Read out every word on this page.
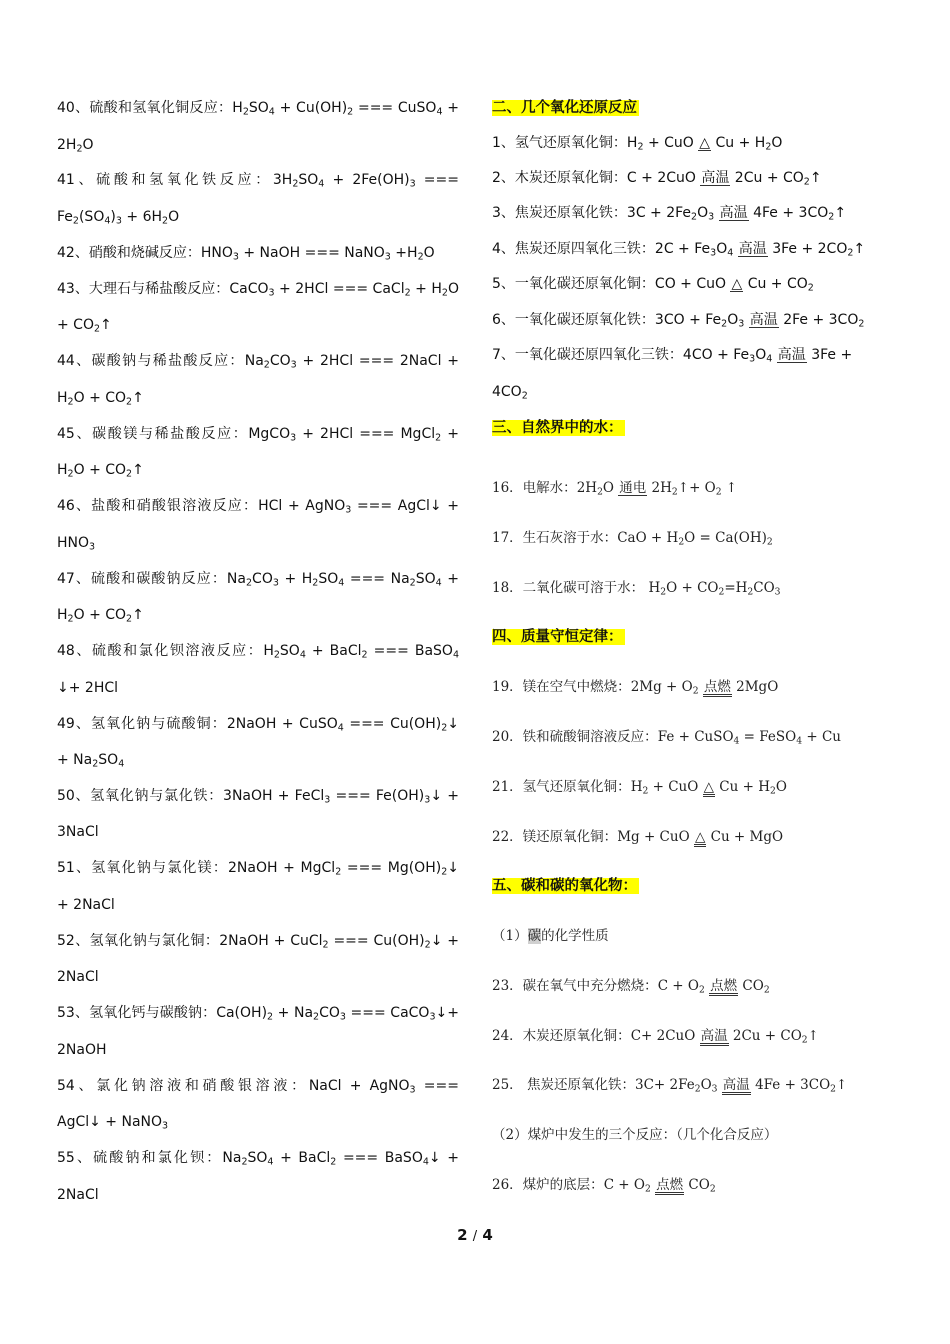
40、硫酸和氢氧化铜反应：$H_2SO_4 + Cu(OH)_2$ === CuSO$_4$ +
$2H_2O$
41、硫酸和氢氧化铁反应：$3H_2SO_4 + 2Fe(OH)_3$ ===
$Fe_2(SO_4)_3 + 6H_2O$
42、硝酸和烧碱反应：$HNO_3$ + NaOH === NaNO$_3$ $+H_2O$
43、大理石与稀盐酸反应：CaCO$_3$ + 2HCl === CaCl$_2$ + $H_2O$
+ $CO_2↑$
44、碳酸钠与稀盐酸反应：$Na_2CO_3 + 2HCl$ === 2NaCl +
$H_2O$ + $CO_2↑$
45、碳酸镁与稀盐酸反应：MgCO$_3$ + 2HCl === MgCl$_2$ +
$H_2O$ + $CO_2↑$
46、盐酸和硝酸银溶液反应：HCl + AgNO$_3$ === AgCl↓ +
$HNO_3$
47、硫酸和碳酸钠反应：$Na_2CO_3 + H_2SO_4$ === $Na_2SO_4$ +
$H_2O$ + $CO_2↑$
48、硫酸和氯化钡溶液反应：$H_2SO_4$ + BaCl$_2$ === BaSO$_4$
↓+ 2HCl
49、氢氧化钠与硫酸铜：2NaOH + CuSO$_4$ === $Cu(OH)_2↓$
+ $Na_2SO_4$
50、氢氧化钠与氯化铁：3NaOH + FeCl$_3$ === $Fe(OH)_3↓$ +
3NaCl
51、氢氧化钠与氯化镁：2NaOH + MgCl$_2$ === $Mg(OH)_2↓$
+ 2NaCl
52、氢氧化钠与氯化铜：2NaOH + CuCl$_2$ === $Cu(OH)_2↓$ +
2NaCl
53、氢氧化钙与碳酸钠：$Ca(OH)_2 + Na_2CO_3$ === CaCO$_3$↓+
2NaOH
54、氯化钠溶液和硝酸银溶液：NaCl + AgNO$_3$ ===
AgCl↓ + NaNO$_3$
55、硫酸钠和氯化钡：$Na_2SO_4$ + BaCl$_2$ === BaSO$_4$↓ +
2NaCl
二、几个氧化还原反应
1、氢气还原氧化铜：$H_2$ + CuO △ $Cu + H_2O$
2、木炭还原氧化铜：C + 2CuO 高温 $2Cu + CO_2↑$
3、焦炭还原氧化铁：$3C + 2Fe_2O_3$ 高温 $4Fe + 3CO_2↑$
4、焦炭还原四氧化三铁：$2C + Fe_3O_4$ 高温 $3Fe + 2CO_2↑$
5、一氧化碳还原氧化铜：CO + CuO △ $Cu + CO_2$
6、一氧化碳还原氧化铁：$3CO + Fe_2O_3$ 高温 $2Fe + 3CO_2$
7、一氧化碳还原四氧化三铁：$4CO + Fe_3O_4$ 高温 3Fe +
$4CO_2$
三、自然界中的水：
16．电解水：$2H_2O$ 通电 $2H_2↑+ O_2$ ↑
17．生石灰溶于水：CaO + $H_2O = Ca(OH)_2$
18．二氧化碳可溶于水： $H_2O + CO_2=H_2CO_3$
四、质量守恒定律：
19．镁在空气中燃烧：$2Mg + O_2$ 点燃 2MgO
20．铁和硫酸铜溶液反应：Fe + CuSO$_4$ = FeSO$_4$ + Cu
21．氢气还原氧化铜：$H_2$ + CuO △ $Cu + H_2O$
22．镁还原氧化铜：Mg + CuO △ Cu + MgO
五、碳和碳的氧化物：
（1）碳的化学性质
23．碳在氧气中充分燃烧：$C + O_2$ 点燃 $CO_2$
24．木炭还原氧化铜：C+ 2CuO 高温 $2Cu + CO_2↑$
25． 焦炭还原氧化铁：$3C+ 2Fe_2O_3$ 高温 $4Fe + 3CO_2↑$
（2）煤炉中发生的三个反应：（几个化合反应）
26．煤炉的底层：$C + O_2$ 点燃 $CO_2$
2 / 4
